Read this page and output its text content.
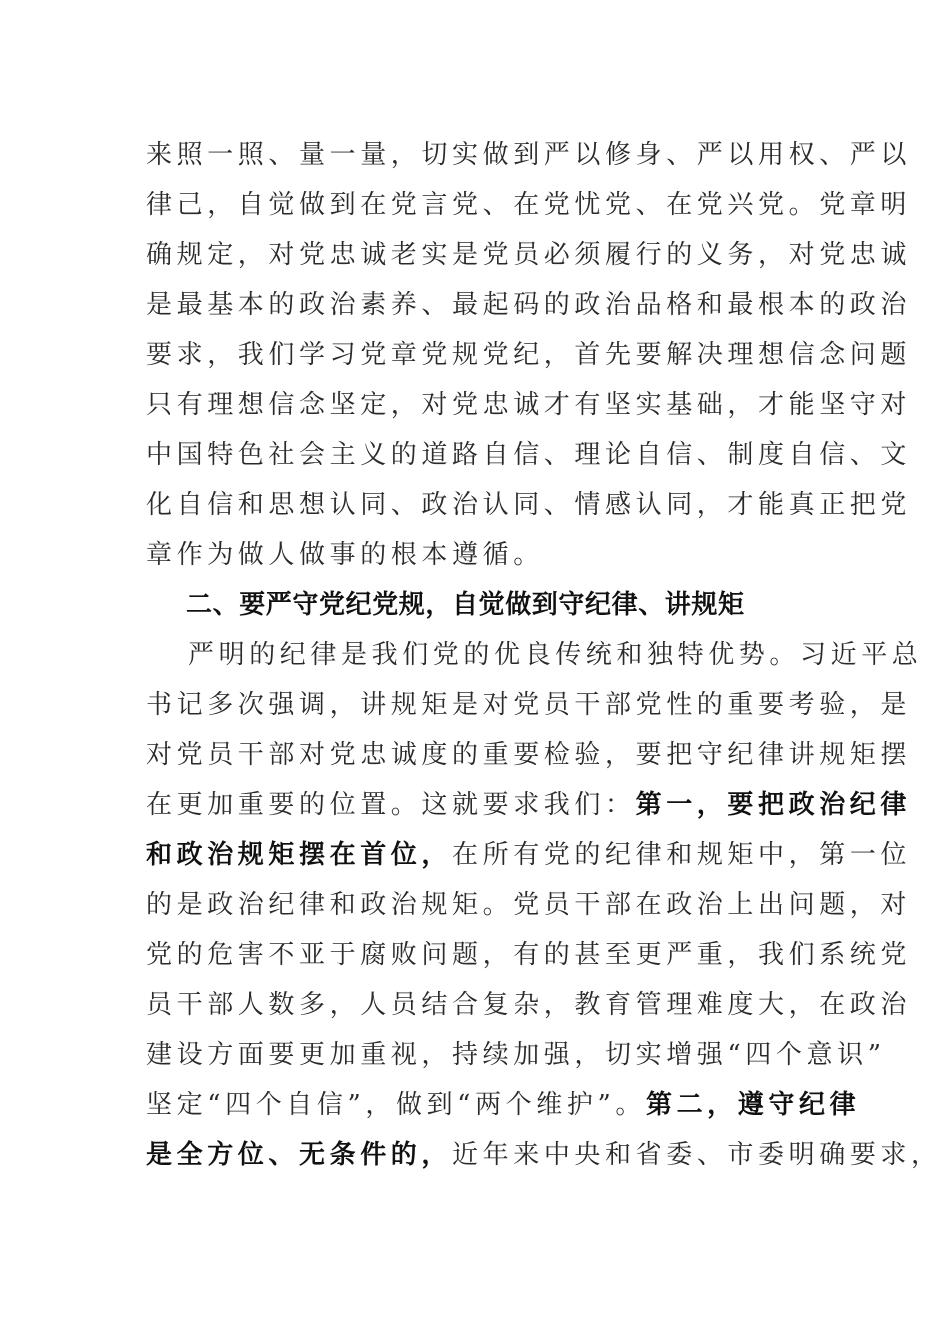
来照一照、量一量，切实做到严以修身、严以用权、严以
律己，自觉做到在党言党、在党忧党、在党兴党。党章明
确规定，对党忠诚老实是党员必须履行的义务，对党忠诚
是最基本的政治素养、最起码的政治品格和最根本的政治
要求，我们学习党章党规党纪，首先要解决理想信念问题
只有理想信念坚定，对党忠诚才有坚实基础，才能坚守对
中国特色社会主义的道路自信、理论自信、制度自信、文
化自信和思想认同、政治认同、情感认同，才能真正把党
章作为做人做事的根本遵循。
二、要严守党纪党规，自觉做到守纪律、讲规矩
严明的纪律是我们党的优良传统和独特优势。习近平总
书记多次强调，讲规矩是对党员干部党性的重要考验，是
对党员干部对党忠诚度的重要检验，要把守纪律讲规矩摆
在更加重要的位置。这就要求我们：第一，要把政治纪律
和政治规矩摆在首位，在所有党的纪律和规矩中，第一位
的是政治纪律和政治规矩。党员干部在政治上出问题，对
党的危害不亚于腐败问题，有的甚至更严重，我们系统党
员干部人数多，人员结合复杂，教育管理难度大，在政治
建设方面要更加重视，持续加强，切实增强“四个意识”
坚定“四个自信”，做到“两个维护”。第二，遵守纪律
是全方位、无条件的，近年来中央和省委、市委明确要求，
